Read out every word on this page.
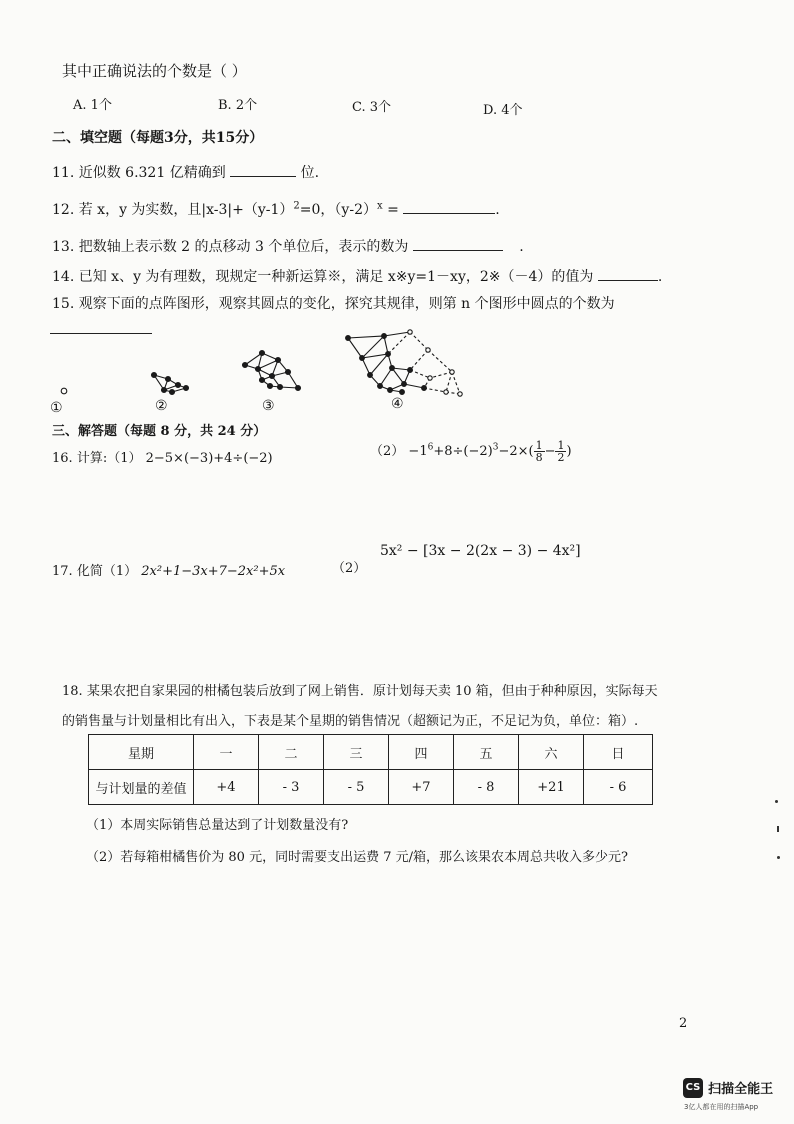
其中正确说法的个数是（ ）
A. 1个	B. 2个	C. 3个	D. 4个
二、填空题（每题3分，共15分）
11. 近似数 6.321 亿精确到	位.
12. 若 x，y 为实数，且$|x-3|+(y-1)^2=0$，$(y-2)^x$ =	.
13. 把数轴上表示数 2 的点移动 3 个单位后，表示的数为	.
14. 已知 x、y 为有理数，现规定一种新运算※，满足 x※y=1－xy，2※（－4）的值为	.
15. 观察下面的点阵图形，观察其圆点的变化，探究其规律，则第 n 个图形中圆点的个数为
①	②	③	④
三、解答题（每题 8 分，共 24 分）
16. 计算:（1） 2−5×(−3)+4÷(−2)	$(2) -1^6+8\div(-2)^3-2\times( \frac{1}{8} - \frac{1}{2}$ )
17. 化简（1） 2x²+1−3x+7−2x²+5x	（2）
5x² − [3x − 2(2x − 3) − 4x²]
18. 某果农把自家果园的柑橘包装后放到了网上销售．原计划每天卖 10 箱，但由于种种原因，实际每天
的销售量与计划量相比有出入，下表是某个星期的销售情况（超额记为正，不足记为负，单位：箱）.
星期	一	二	三	四	五	六	日
与计划量的差值	+4	- 3	- 5	+7	- 8	+21	- 6
（1）本周实际销售总量达到了计划数量没有?
（2）若每箱柑橘售价为 80 元，同时需要支出运费 7 元/箱，那么该果农本周总共收入多少元?
2
CS 扫描全能王
3亿人都在用的扫描App
